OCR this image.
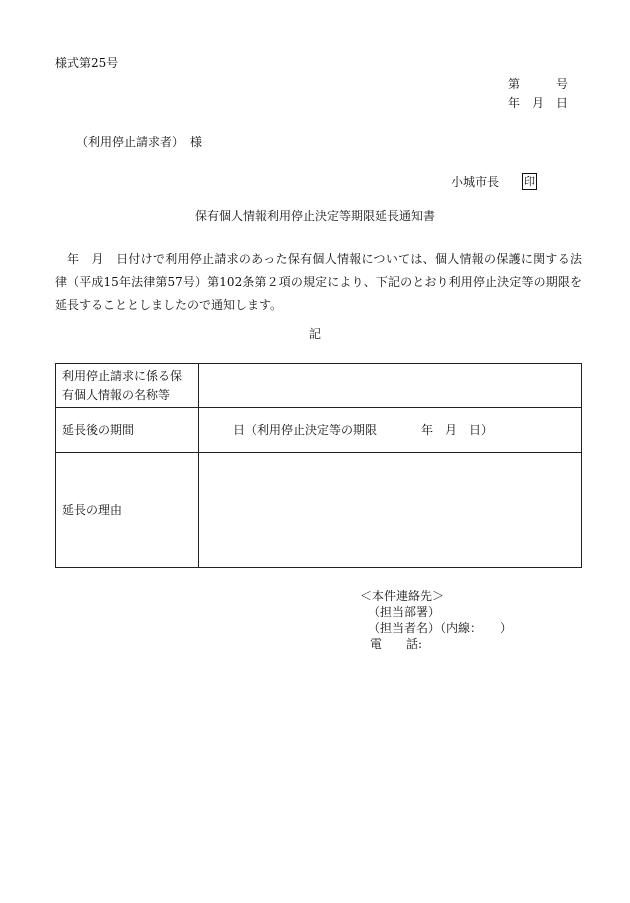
様式第25号
第　　　号
年　月　日
（利用停止請求者）　様
小城市長 印
保有個人情報利用停止決定等期限延長通知書
年　月　日付けで利用停止請求のあった保有個人情報については、個人情報の保護に関する法律（平成15年法律第57号）第102条第２項の規定により、下記のとおり利用停止決定等の期限を延長することとしましたので通知します。
記
利用停止請求に係る保有個人情報の名称等	
延長後の期間	日（利用停止決定等の期限 年　月　日）

延長の理由	
＜本件連絡先＞
（担当部署）
（担当者名）（内線：　　）
電　　話:
